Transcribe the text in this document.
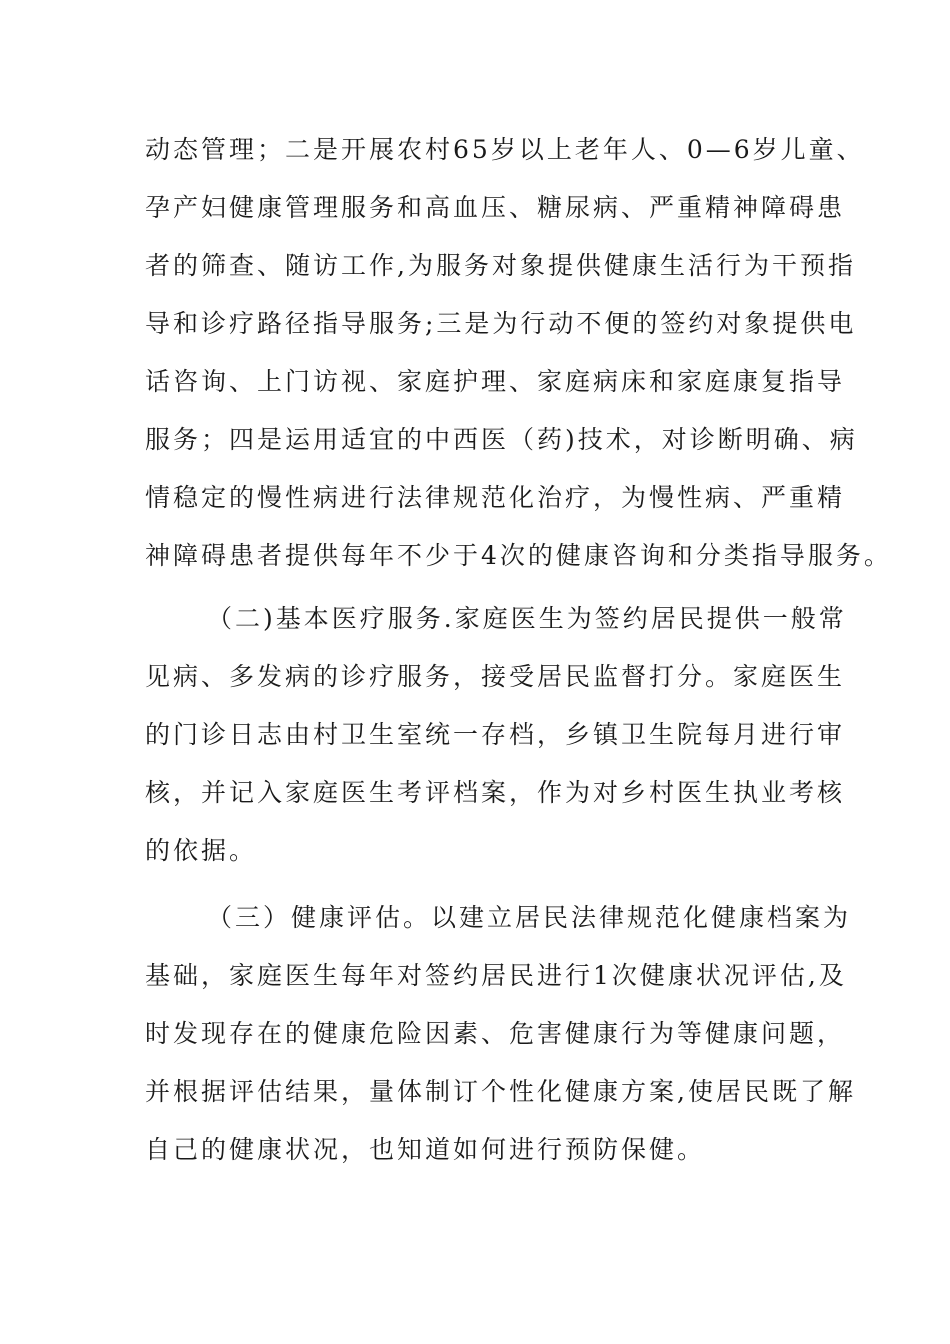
动态管理；二是开展农村65岁以上老年人、0—6岁儿童、
孕产妇健康管理服务和高血压、糖尿病、严重精神障碍患
者的筛查、随访工作,为服务对象提供健康生活行为干预指
导和诊疗路径指导服务;三是为行动不便的签约对象提供电
话咨询、上门访视、家庭护理、家庭病床和家庭康复指导
服务；四是运用适宜的中西医（药)技术，对诊断明确、病
情稳定的慢性病进行法律规范化治疗，为慢性病、严重精
神障碍患者提供每年不少于4次的健康咨询和分类指导服务。
（二)基本医疗服务.家庭医生为签约居民提供一般常
见病、多发病的诊疗服务，接受居民监督打分。家庭医生
的门诊日志由村卫生室统一存档，乡镇卫生院每月进行审
核，并记入家庭医生考评档案，作为对乡村医生执业考核
的依据。
（三）健康评估。以建立居民法律规范化健康档案为
基础，家庭医生每年对签约居民进行1次健康状况评估,及
时发现存在的健康危险因素、危害健康行为等健康问题，
并根据评估结果，量体制订个性化健康方案,使居民既了解
自己的健康状况，也知道如何进行预防保健。
